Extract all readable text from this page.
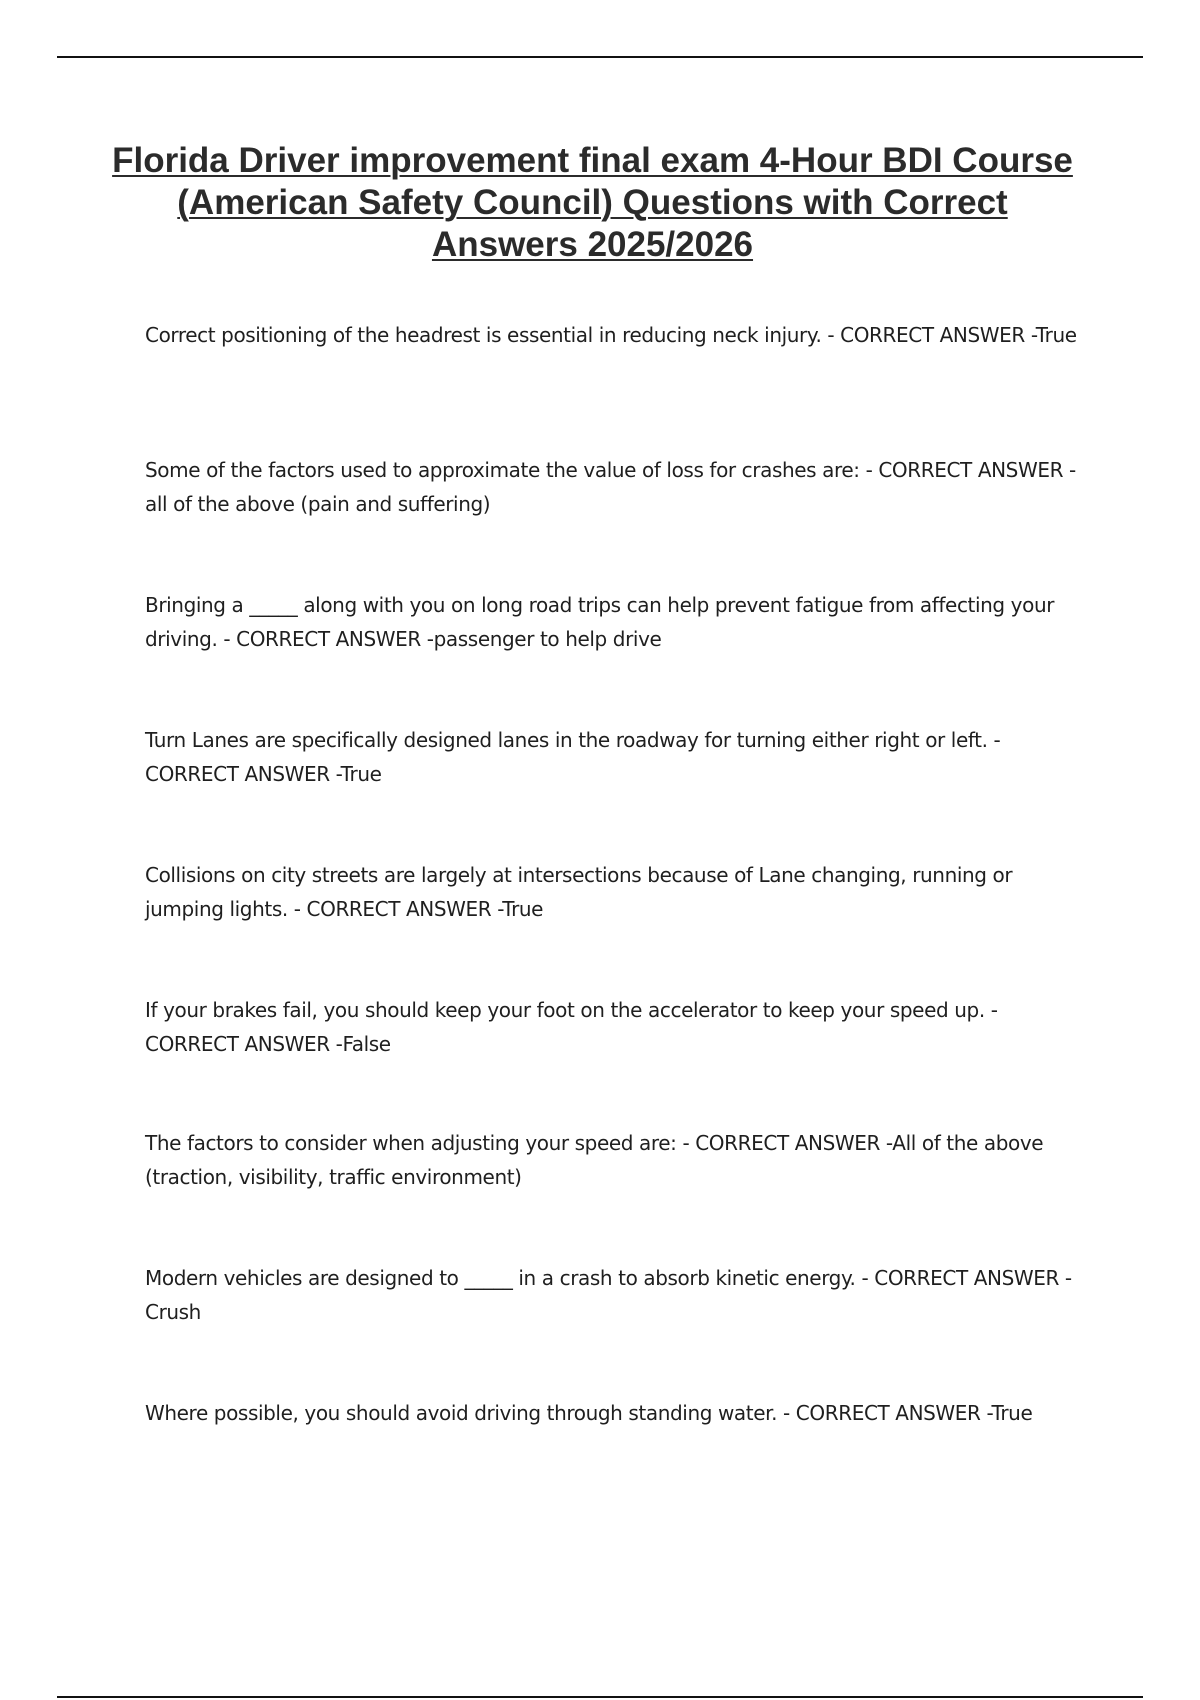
Florida Driver improvement final exam 4-Hour BDI Course (American Safety Council) Questions with Correct Answers 2025/2026

Correct positioning of the headrest is essential in reducing neck injury. - CORRECT ANSWER -True

Some of the factors used to approximate the value of loss for crashes are: - CORRECT ANSWER -all of the above (pain and suffering)

Bringing a _____ along with you on long road trips can help prevent fatigue from affecting your driving. - CORRECT ANSWER -passenger to help drive

Turn Lanes are specifically designed lanes in the roadway for turning either right or left. - CORRECT ANSWER -True

Collisions on city streets are largely at intersections because of Lane changing, running or jumping lights. - CORRECT ANSWER -True

If your brakes fail, you should keep your foot on the accelerator to keep your speed up. - CORRECT ANSWER -False

The factors to consider when adjusting your speed are: - CORRECT ANSWER -All of the above (traction, visibility, traffic environment)

Modern vehicles are designed to _____ in a crash to absorb kinetic energy. - CORRECT ANSWER -Crush

Where possible, you should avoid driving through standing water. - CORRECT ANSWER -True
